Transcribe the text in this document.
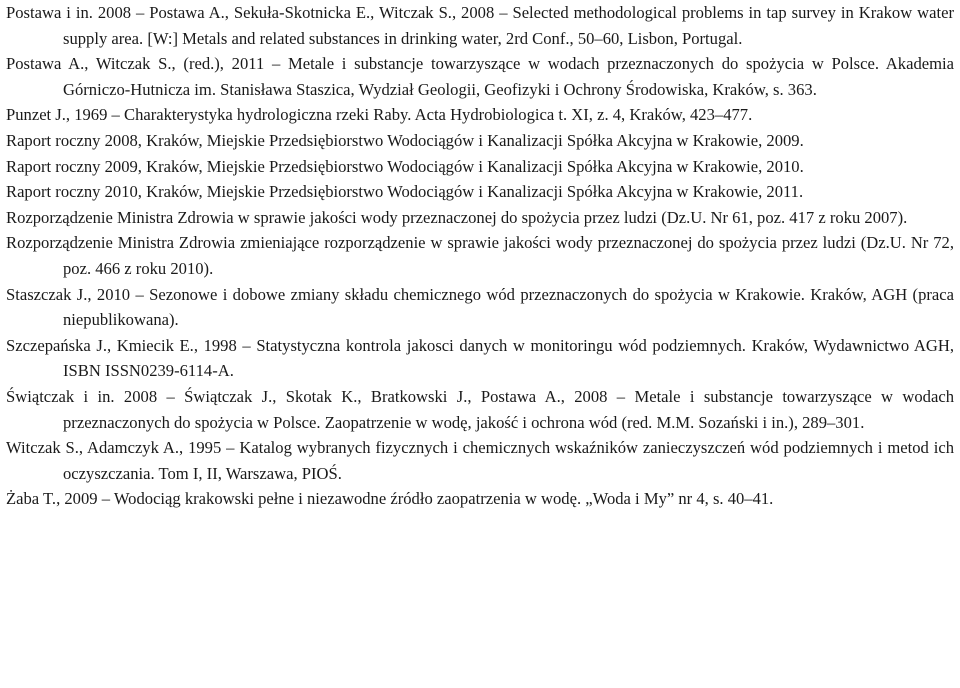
Postawa i in. 2008 – Postawa A., Sekuła-Skotnicka E., Witczak S., 2008 – Selected methodological problems in tap survey in Krakow water supply area. [W:] Metals and related substances in drinking water, 2rd Conf., 50–60, Lisbon, Portugal.
Postawa A., Witczak S., (red.), 2011 – Metale i substancje towarzyszące w wodach przeznaczonych do spożycia w Polsce. Akademia Górniczo-Hutnicza im. Stanisława Staszica, Wydział Geologii, Geofizyki i Ochrony Środowiska, Kraków, s. 363.
Punzet J., 1969 – Charakterystyka hydrologiczna rzeki Raby. Acta Hydrobiologica t. XI, z. 4, Kraków, 423–477.
Raport roczny 2008, Kraków, Miejskie Przedsiębiorstwo Wodociągów i Kanalizacji Spółka Akcyjna w Krakowie, 2009.
Raport roczny 2009, Kraków, Miejskie Przedsiębiorstwo Wodociągów i Kanalizacji Spółka Akcyjna w Krakowie, 2010.
Raport roczny 2010, Kraków, Miejskie Przedsiębiorstwo Wodociągów i Kanalizacji Spółka Akcyjna w Krakowie, 2011.
Rozporządzenie Ministra Zdrowia w sprawie jakości wody przeznaczonej do spożycia przez ludzi (Dz.U. Nr 61, poz. 417 z roku 2007).
Rozporządzenie Ministra Zdrowia zmieniające rozporządzenie w sprawie jakości wody przeznaczonej do spożycia przez ludzi (Dz.U. Nr 72, poz. 466 z roku 2010).
Staszczak J., 2010 – Sezonowe i dobowe zmiany składu chemicznego wód przeznaczonych do spożycia w Krakowie. Kraków, AGH (praca niepublikowana).
Szczepańska J., Kmiecik E., 1998 – Statystyczna kontrola jakosci danych w monitoringu wód podziemnych. Kraków, Wydawnictwo AGH, ISBN ISSN0239-6114-A.
Świątczak i in. 2008 – Świątczak J., Skotak K., Bratkowski J., Postawa A., 2008 – Metale i substancje towarzyszące w wodach przeznaczonych do spożycia w Polsce. Zaopatrzenie w wodę, jakość i ochrona wód (red. M.M. Sozański i in.), 289–301.
Witczak S., Adamczyk A., 1995 – Katalog wybranych fizycznych i chemicznych wskaźników zanieczyszczeń wód podziemnych i metod ich oczyszczania. Tom I, II, Warszawa, PIOŚ.
Żaba T., 2009 – Wodociąg krakowski pełne i niezawodne źródło zaopatrzenia w wodę. „Woda i My” nr 4, s. 40–41.
